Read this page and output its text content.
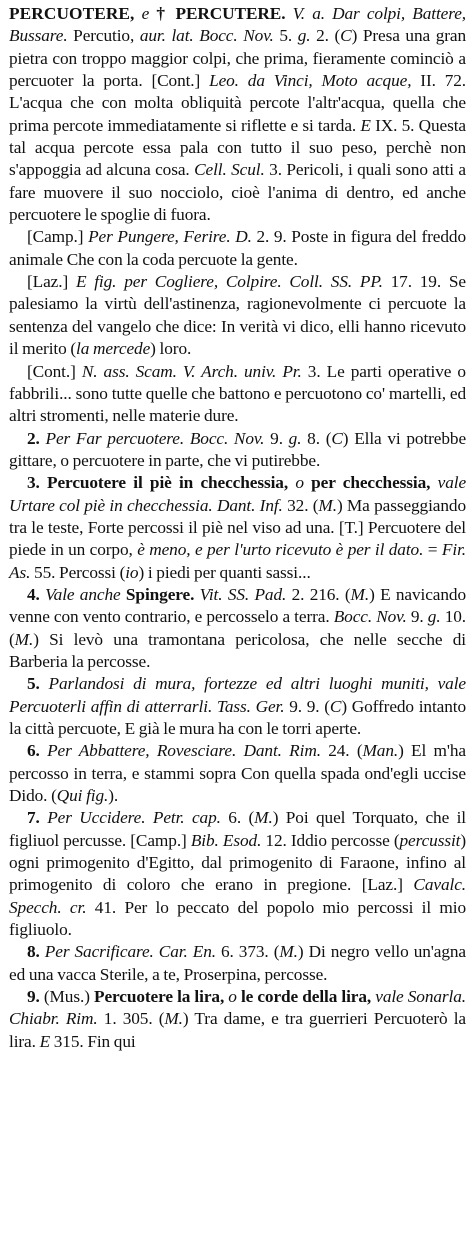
PERCUOTERE, e † PERCUTERE. V. a. Dar colpi, Battere, Bussare. Percutio, aur. lat. Bocc. Nov. 5. g. 2. (C) Presa una gran pietra con troppo maggior colpi, che prima, fieramente cominciò a percuoter la porta. [Cont.] Leo. da Vinci, Moto acque, II. 72. L'acqua che con molta obliquità percote l'altr'acqua, quella che prima percote immediatamente si riflette e si tarda. E IX. 5. Questa tal acqua percote essa pala con tutto il suo peso, perchè non s'appoggia ad alcuna cosa. Cell. Scul. 3. Pericoli, i quali sono atti a fare muovere il suo nocciolo, cioè l'anima di dentro, ed anche percuotere le spoglie di fuora.

[Camp.] Per Pungere, Ferire. D. 2. 9. Poste in figura del freddo animale Che con la coda percuote la gente.

[Laz.] E fig. per Cogliere, Colpire. Coll. SS. PP. 17. 19. Se palesiamo la virtù dell'astinenza, ragionevolmente ci percuote la sentenza del vangelo che dice: In verità vi dico, elli hanno ricevuto il merito (la mercede) loro.

[Cont.] N. ass. Scam. V. Arch. univ. Pr. 3. Le parti operative o fabbrili... sono tutte quelle che battono e percuotono co' martelli, ed altri stromenti, nelle materie dure.

2. Per Far percuotere. Bocc. Nov. 9. g. 8. (C) Ella vi potrebbe gittare, o percuotere in parte, che vi putirebbe.

3. Percuotere il piè in checchessia, o per checchessia, vale Urtare col piè in checchessia. Dant. Inf. 32. (M.) Ma passeggiando tra le teste, Forte percossi il piè nel viso ad una. [T.] Percuotere del piede in un corpo, è meno, e per l'urto ricevuto è per il dato. = Fir. As. 55. Percossi (io) i piedi per quanti sassi...

4. Vale anche Spingere. Vit. SS. Pad. 2. 216. (M.) E navicando venne con vento contrario, e percosselo a terra. Bocc. Nov. 9. g. 10. (M.) Si levò una tramontana pericolosa, che nelle secche di Barberia la percosse.

5. Parlandosi di mura, fortezze ed altri luoghi muniti, vale Percuoterli affin di atterrarli. Tass. Ger. 9. 9. (C) Goffredo intanto la città percuote, E già le mura ha con le torri aperte.

6. Per Abbattere, Rovesciare. Dant. Rim. 24. (Man.) El m'ha percosso in terra, e stammi sopra Con quella spada ond'egli uccise Dido. (Qui fig.).

7. Per Uccidere. Petr. cap. 6. (M.) Poi quel Torquato, che il figliuol percusse. [Camp.] Bib. Esod. 12. Iddio percosse (percussit) ogni primogenito d'Egitto, dal primogenito di Faraone, infino al primogenito di coloro che erano in pregione. [Laz.] Cavalc. Specch. cr. 41. Per lo peccato del popolo mio percossi il mio figliuolo.

8. Per Sacrificare. Car. En. 6. 373. (M.) Di negro vello un'agna ed una vacca Sterile, a te, Proserpina, percosse.

9. (Mus.) Percuotere la lira, o le corde della lira, vale Sonarla. Chiabr. Rim. 1. 305. (M.) Tra dame, e tra guerrieri Percuoterò la lira. E 315. Fin qui
